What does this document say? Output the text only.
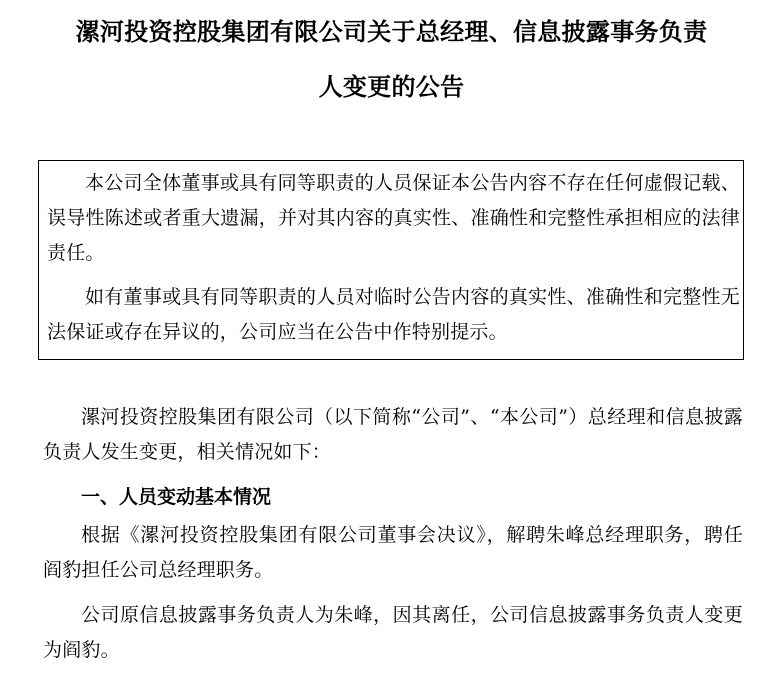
漯河投资控股集团有限公司关于总经理、信息披露事务负责
人变更的公告
本公司全体董事或具有同等职责的人员保证本公告内容不存在任何虚假记载、误导性陈述或者重大遗漏，并对其内容的真实性、准确性和完整性承担相应的法律责任。
如有董事或具有同等职责的人员对临时公告内容的真实性、准确性和完整性无法保证或存在异议的，公司应当在公告中作特别提示。
漯河投资控股集团有限公司（以下简称“公司”、“本公司”）总经理和信息披露负责人发生变更，相关情况如下：
一、人员变动基本情况
根据《漯河投资控股集团有限公司董事会决议》，解聘朱峰总经理职务，聘任阎豹担任公司总经理职务。
公司原信息披露事务负责人为朱峰，因其离任，公司信息披露事务负责人变更为阎豹。
